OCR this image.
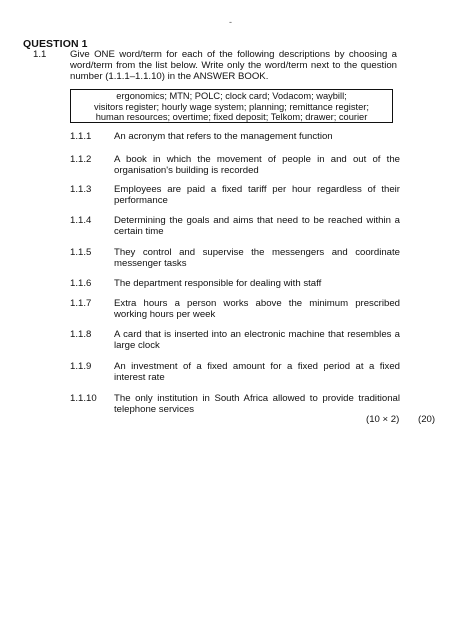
-
QUESTION 1
1.1 Give ONE word/term for each of the following descriptions by choosing a word/term from the list below. Write only the word/term next to the question number (1.1.1–1.1.10) in the ANSWER BOOK.
ergonomics; MTN; POLC; clock card; Vodacom; waybill;
visitors register; hourly wage system; planning; remittance register;
human resources; overtime; fixed deposit; Telkom; drawer; courier
1.1.1 An acronym that refers to the management function
1.1.2 A book in which the movement of people in and out of the organisation's building is recorded
1.1.3 Employees are paid a fixed tariff per hour regardless of their performance
1.1.4 Determining the goals and aims that need to be reached within a certain time
1.1.5 They control and supervise the messengers and coordinate messenger tasks
1.1.6 The department responsible for dealing with staff
1.1.7 Extra hours a person works above the minimum prescribed working hours per week
1.1.8 A card that is inserted into an electronic machine that resembles a large clock
1.1.9 An investment of a fixed amount for a fixed period at a fixed interest rate
1.1.10 The only institution in South Africa allowed to provide traditional telephone services
(10 × 2) (20)
